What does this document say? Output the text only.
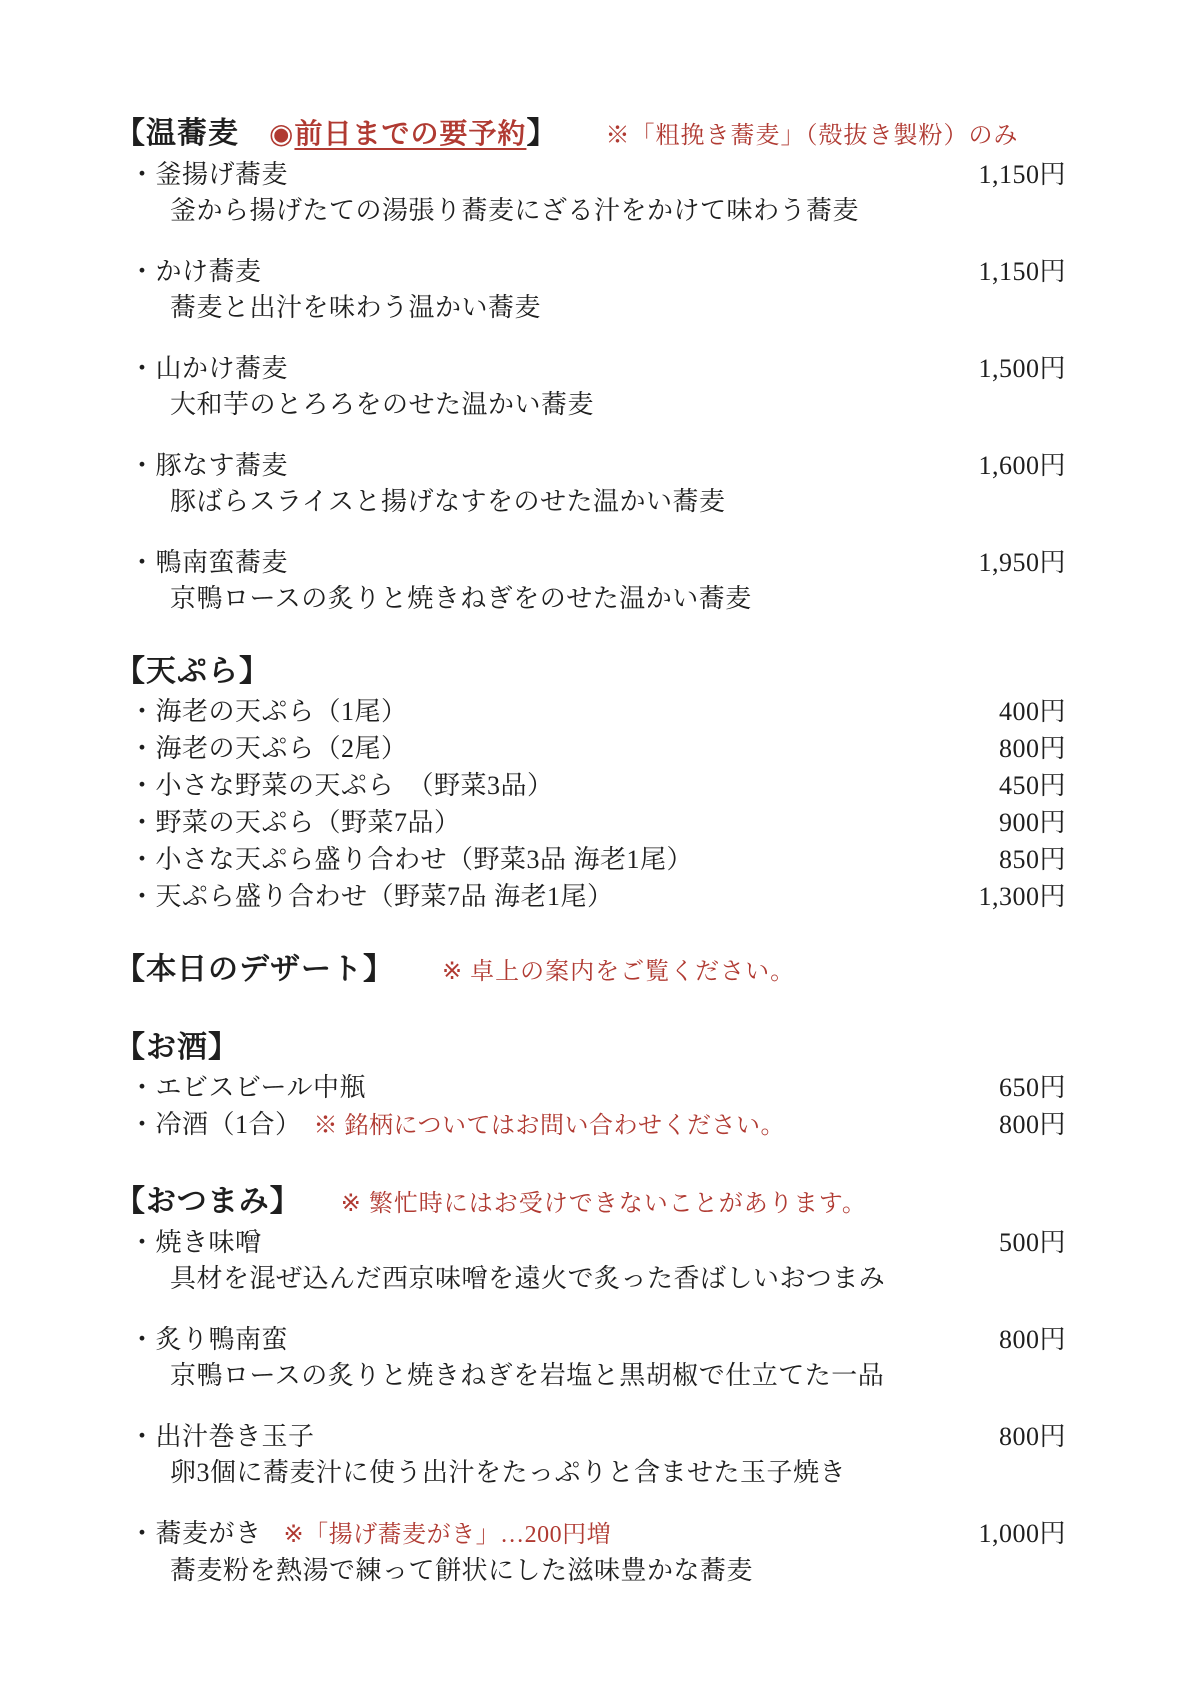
【温蕎麦 ◉前日までの要予約】 ※「粗挽き蕎麦」（殻抜き製粉）のみ
・釜揚げ蕎麦	1,150円
釜から揚げたての湯張り蕎麦にざる汁をかけて味わう蕎麦
・かけ蕎麦	1,150円
蕎麦と出汁を味わう温かい蕎麦
・山かけ蕎麦	1,500円
大和芋のとろろをのせた温かい蕎麦
・豚なす蕎麦	1,600円
豚ばらスライスと揚げなすをのせた温かい蕎麦
・鴨南蛮蕎麦	1,950円
京鴨ロースの炙りと焼きねぎをのせた温かい蕎麦
【天ぷら】
・海老の天ぷら（1尾）	400円
・海老の天ぷら（2尾）	800円
・小さな野菜の天ぷら　（野菜3品）	450円
・野菜の天ぷら（野菜7品）	900円
・小さな天ぷら盛り合わせ（野菜3品 海老1尾）	850円
・天ぷら盛り合わせ（野菜7品 海老1尾）	1,300円
【本日のデザート】 ※ 卓上の案内をご覧ください。
【お酒】
・エビスビール中瓶	650円
・冷酒（1合） ※ 銘柄についてはお問い合わせください。	800円
【おつまみ】 ※ 繁忙時にはお受けできないことがあります。
・焼き味噌	500円
具材を混ぜ込んだ西京味噌を遠火で炙った香ばしいおつまみ
・炙り鴨南蛮	800円
京鴨ロースの炙りと焼きねぎを岩塩と黒胡椒で仕立てた一品
・出汁巻き玉子	800円
卵3個に蕎麦汁に使う出汁をたっぷりと含ませた玉子焼き
・蕎麦がき ※「揚げ蕎麦がき」…200円増	1,000円
蕎麦粉を熱湯で練って餅状にした滋味豊かな蕎麦
